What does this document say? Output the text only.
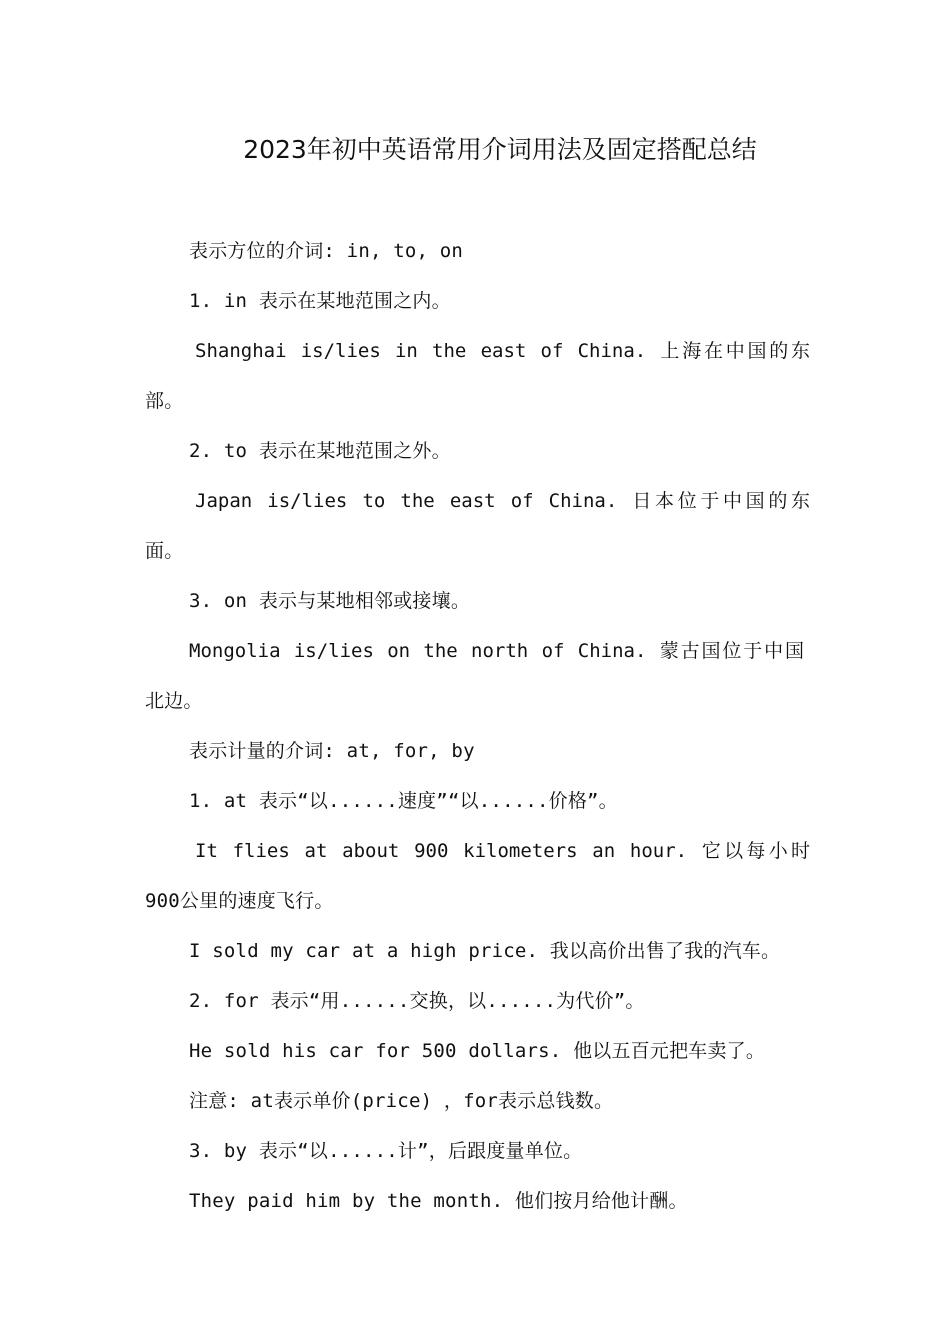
2023年初中英语常用介词用法及固定搭配总结
表示方位的介词: in, to, on
1. in 表示在某地范围之内。
Shanghai is/lies in the east of China. 上海在中国的东
部。
2. to 表示在某地范围之外。
Japan is/lies to the east of China. 日本位于中国的东
面。
3. on 表示与某地相邻或接壤。
Mongolia is/lies on the north of China. 蒙古国位于中国
北边。
表示计量的介词: at, for, by
1. at 表示“以......速度”“以......价格”。
It flies at about 900 kilometers an hour. 它以每小时
900公里的速度飞行。
I sold my car at a high price. 我以高价出售了我的汽车。
2. for 表示“用......交换，以......为代价”。
He sold his car for 500 dollars. 他以五百元把车卖了。
注意: at表示单价(price) ，for表示总钱数。
3. by 表示“以......计”，后跟度量单位。
They paid him by the month. 他们按月给他计酬。
